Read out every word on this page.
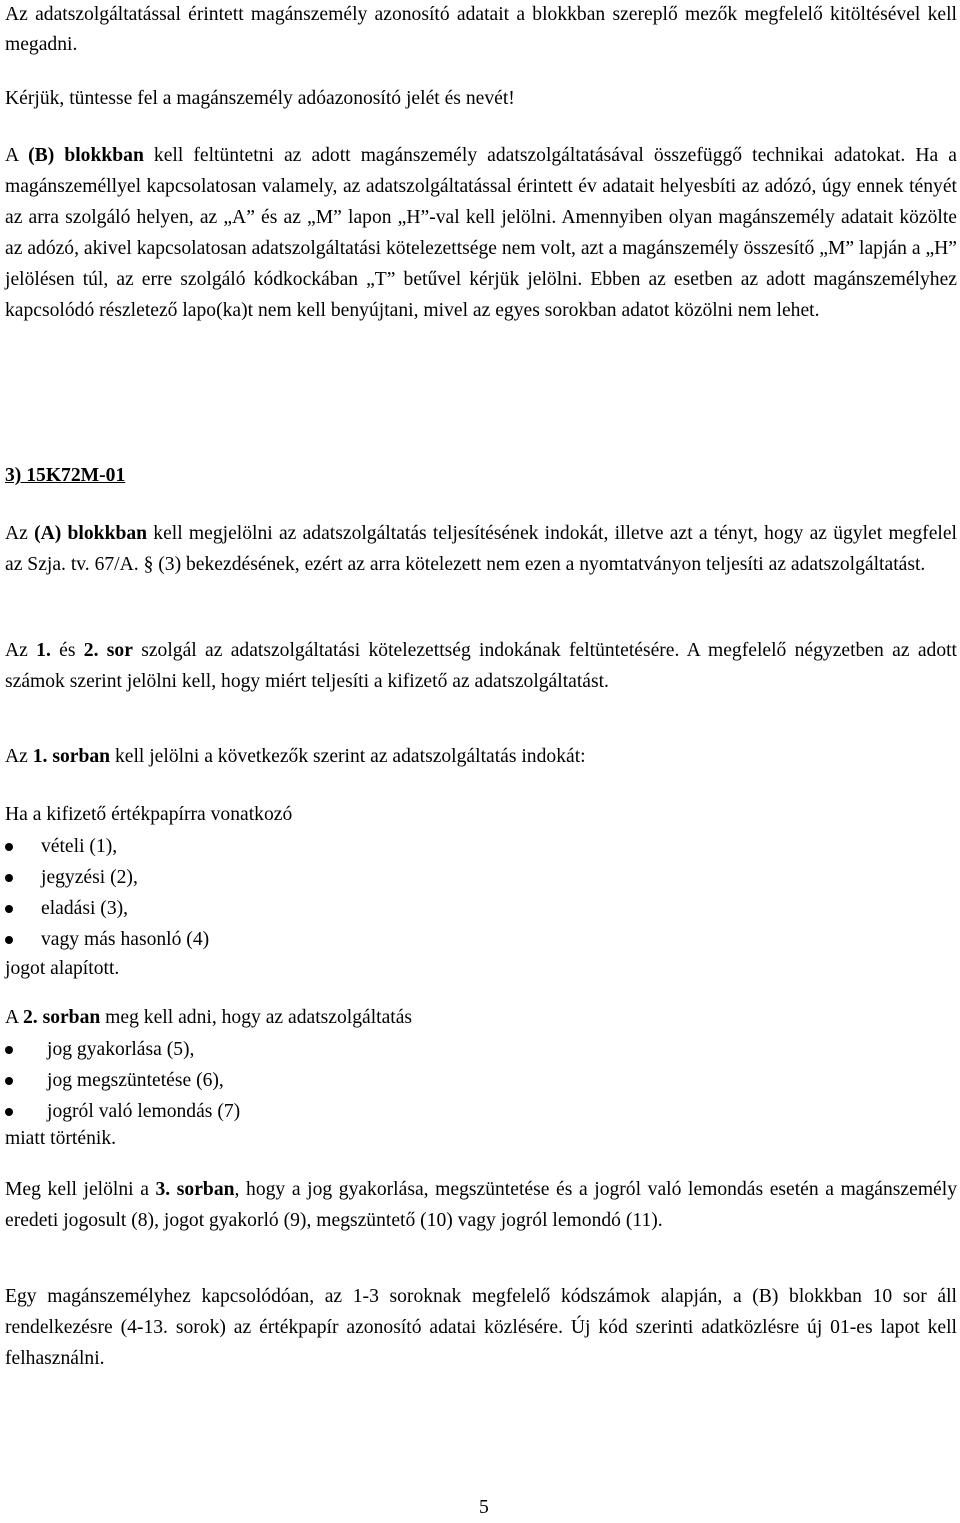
Az adatszolgáltatással érintett magánszemély azonosító adatait a blokkban szereplő mezők megfelelő kitöltésével kell megadni.

Kérjük, tüntesse fel a magánszemély adóazonosító jelét és nevét!

A (B) blokkban kell feltüntetni az adott magánszemély adatszolgáltatásával összefüggő technikai adatokat. Ha a magánszeméllyel kapcsolatosan valamely, az adatszolgáltatással érintett év adatait helyesbíti az adózó, úgy ennek tényét az arra szolgáló helyen, az „A” és az „M” lapon „H”-val kell jelölni. Amennyiben olyan magánszemély adatait közölte az adózó, akivel kapcsolatosan adatszolgáltatási kötelezettsége nem volt, azt a magánszemély összesítő „M” lapján a „H” jelölésen túl, az erre szolgáló kódkockában „T” betűvel kérjük jelölni. Ebben az esetben az adott magánszemélyhez kapcsolódó részletező lapo(ka)t nem kell benyújtani, mivel az egyes sorokban adatot közölni nem lehet.

3) 15K72M-01

Az (A) blokkban kell megjelölni az adatszolgáltatás teljesítésének indokát, illetve azt a tényt, hogy az ügylet megfelel az Szja. tv. 67/A. § (3) bekezdésének, ezért az arra kötelezett nem ezen a nyomtatványon teljesíti az adatszolgáltatást.

Az 1. és 2. sor szolgál az adatszolgáltatási kötelezettség indokának feltüntetésére. A megfelelő négyzetben az adott számok szerint jelölni kell, hogy miért teljesíti a kifizető az adatszolgáltatást.

Az 1. sorban kell jelölni a következők szerint az adatszolgáltatás indokát:

Ha a kifizető értékpapírra vonatkozó
vételi (1),
jegyzési (2),
eladási (3),
vagy más hasonló (4)
jogot alapított.
A 2. sorban meg kell adni, hogy az adatszolgáltatás
jog gyakorlása (5),
jog megszüntetése (6),
jogról való lemondás (7)
miatt történik.

Meg kell jelölni a 3. sorban, hogy a jog gyakorlása, megszüntetése és a jogról való lemondás esetén a magánszemély eredeti jogosult (8), jogot gyakorló (9), megszüntető (10) vagy jogról lemondó (11).

Egy magánszemélyhez kapcsolódóan, az 1-3 soroknak megfelelő kódszámok alapján, a (B) blokkban 10 sor áll rendelkezésre (4-13. sorok) az értékpapír azonosító adatai közlésére. Új kód szerinti adatközlésre új 01-es lapot kell felhasználni.

5
